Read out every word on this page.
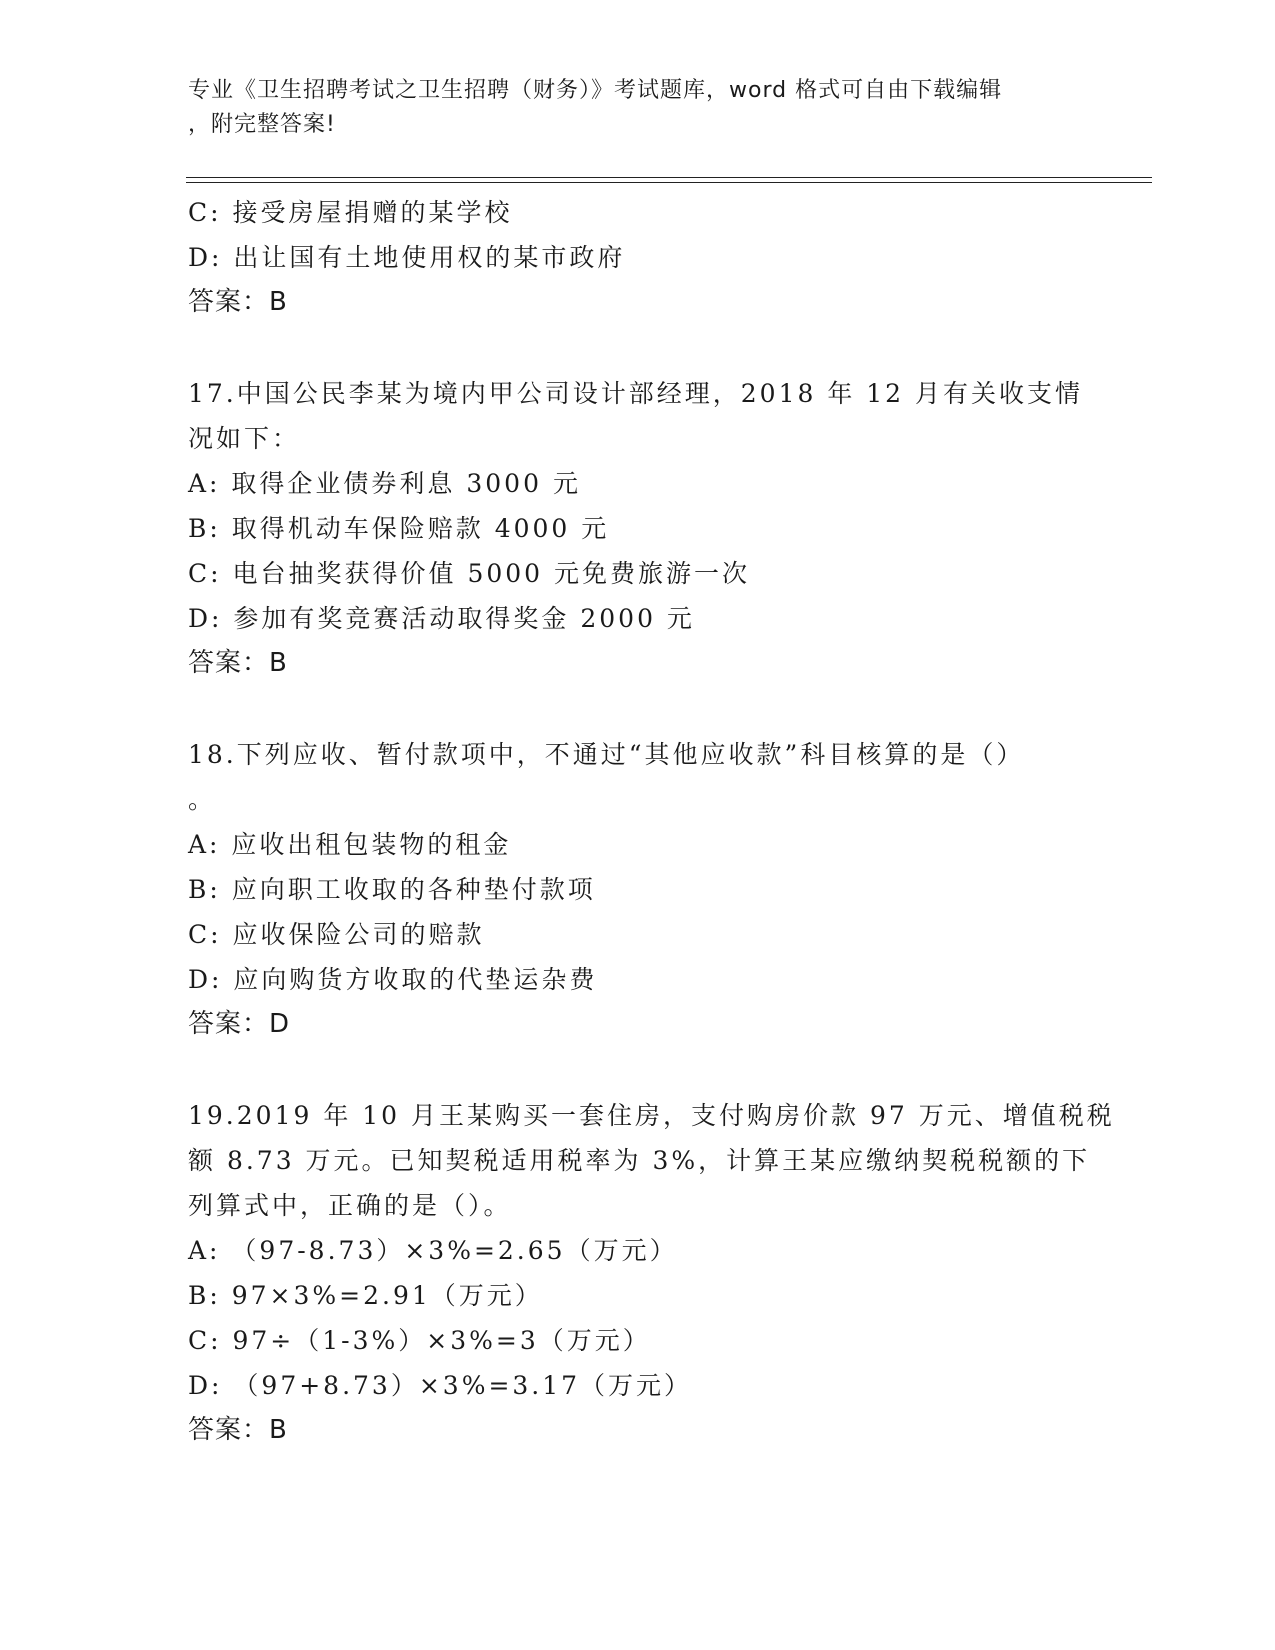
专业《卫生招聘考试之卫生招聘（财务）》考试题库，word 格式可自由下载编辑
，附完整答案!
C: 接受房屋捐赠的某学校
D: 出让国有土地使用权的某市政府
答案：B
17.中国公民李某为境内甲公司设计部经理，2018 年 12 月有关收支情
况如下：
A: 取得企业债券利息 3000 元
B: 取得机动车保险赔款 4000 元
C: 电台抽奖获得价值 5000 元免费旅游一次
D: 参加有奖竞赛活动取得奖金 2000 元
答案：B
18.下列应收、暂付款项中，不通过“其他应收款”科目核算的是（）
。
A: 应收出租包装物的租金
B: 应向职工收取的各种垫付款项
C: 应收保险公司的赔款
D: 应向购货方收取的代垫运杂费
答案：D
19.2019 年 10 月王某购买一套住房，支付购房价款 97 万元、增值税税
额 8.73 万元。已知契税适用税率为 3%，计算王某应缴纳契税税额的下
列算式中，正确的是（）。
A: （97-8.73）×3%=2.65（万元）
B: 97×3%=2.91（万元）
C: 97÷（1-3%）×3%=3（万元）
D: （97+8.73）×3%=3.17（万元）
答案：B
